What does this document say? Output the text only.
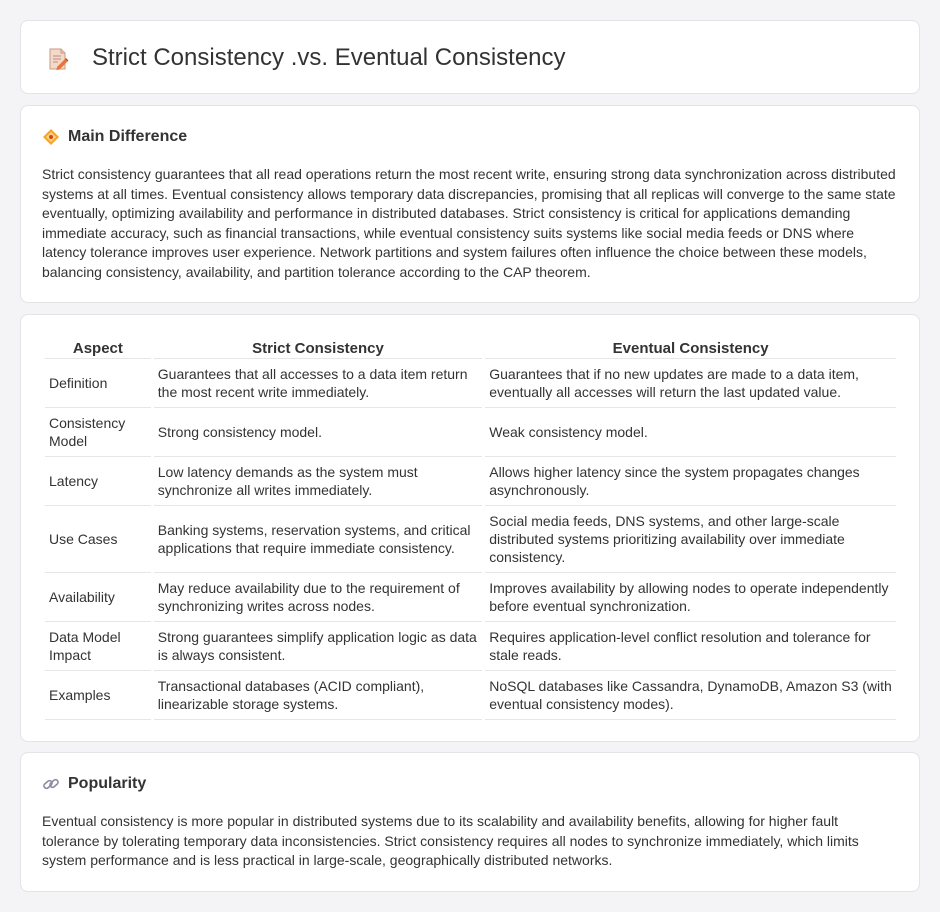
Strict Consistency .vs. Eventual Consistency
Main Difference

Strict consistency guarantees that all read operations return the most recent write, ensuring strong data synchronization across distributed systems at all times. Eventual consistency allows temporary data discrepancies, promising that all replicas will converge to the same state eventually, optimizing availability and performance in distributed databases. Strict consistency is critical for applications demanding immediate accuracy, such as financial transactions, while eventual consistency suits systems like social media feeds or DNS where latency tolerance improves user experience. Network partitions and system failures often influence the choice between these models, balancing consistency, availability, and partition tolerance according to the CAP theorem.

Aspect	Strict Consistency	Eventual Consistency
Definition	Guarantees that all accesses to a data item return the most recent write immediately.	Guarantees that if no new updates are made to a data item, eventually all accesses will return the last updated value.
Consistency Model	Strong consistency model.	Weak consistency model.
Latency	Low latency demands as the system must synchronize all writes immediately.	Allows higher latency since the system propagates changes asynchronously.
Use Cases	Banking systems, reservation systems, and critical applications that require immediate consistency.	Social media feeds, DNS systems, and other large-scale distributed systems prioritizing availability over immediate consistency.
Availability	May reduce availability due to the requirement of synchronizing writes across nodes.	Improves availability by allowing nodes to operate independently before eventual synchronization.
Data Model Impact	Strong guarantees simplify application logic as data is always consistent.	Requires application-level conflict resolution and tolerance for stale reads.
Examples	Transactional databases (ACID compliant), linearizable storage systems.	NoSQL databases like Cassandra, DynamoDB, Amazon S3 (with eventual consistency modes).
Popularity

Eventual consistency is more popular in distributed systems due to its scalability and availability benefits, allowing for higher fault tolerance by tolerating temporary data inconsistencies. Strict consistency requires all nodes to synchronize immediately, which limits system performance and is less practical in large-scale, geographically distributed networks.
